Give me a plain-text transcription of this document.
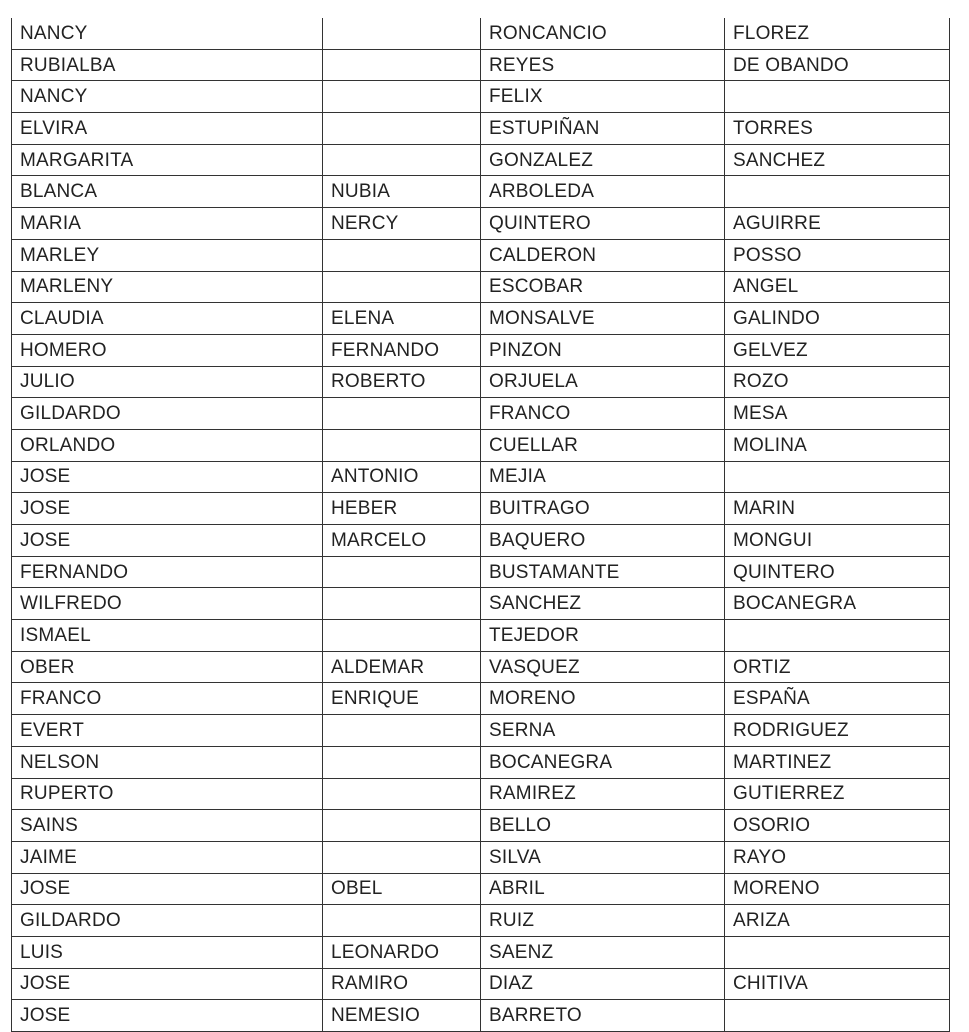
NANCY		RONCANCIO	FLOREZ
RUBIALBA		REYES	DE OBANDO
NANCY		FELIX	
ELVIRA		ESTUPIÑAN	TORRES
MARGARITA		GONZALEZ	SANCHEZ
BLANCA	NUBIA	ARBOLEDA	
MARIA	NERCY	QUINTERO	AGUIRRE
MARLEY		CALDERON	POSSO
MARLENY		ESCOBAR	ANGEL
CLAUDIA	ELENA	MONSALVE	GALINDO
HOMERO	FERNANDO	PINZON	GELVEZ
JULIO	ROBERTO	ORJUELA	ROZO
GILDARDO		FRANCO	MESA
ORLANDO		CUELLAR	MOLINA
JOSE	ANTONIO	MEJIA	
JOSE	HEBER	BUITRAGO	MARIN
JOSE	MARCELO	BAQUERO	MONGUI
FERNANDO		BUSTAMANTE	QUINTERO
WILFREDO		SANCHEZ	BOCANEGRA
ISMAEL		TEJEDOR	
OBER	ALDEMAR	VASQUEZ	ORTIZ
FRANCO	ENRIQUE	MORENO	ESPAÑA
EVERT		SERNA	RODRIGUEZ
NELSON		BOCANEGRA	MARTINEZ
RUPERTO		RAMIREZ	GUTIERREZ
SAINS		BELLO	OSORIO
JAIME		SILVA	RAYO
JOSE	OBEL	ABRIL	MORENO
GILDARDO		RUIZ	ARIZA
LUIS	LEONARDO	SAENZ	
JOSE	RAMIRO	DIAZ	CHITIVA
JOSE	NEMESIO	BARRETO	
